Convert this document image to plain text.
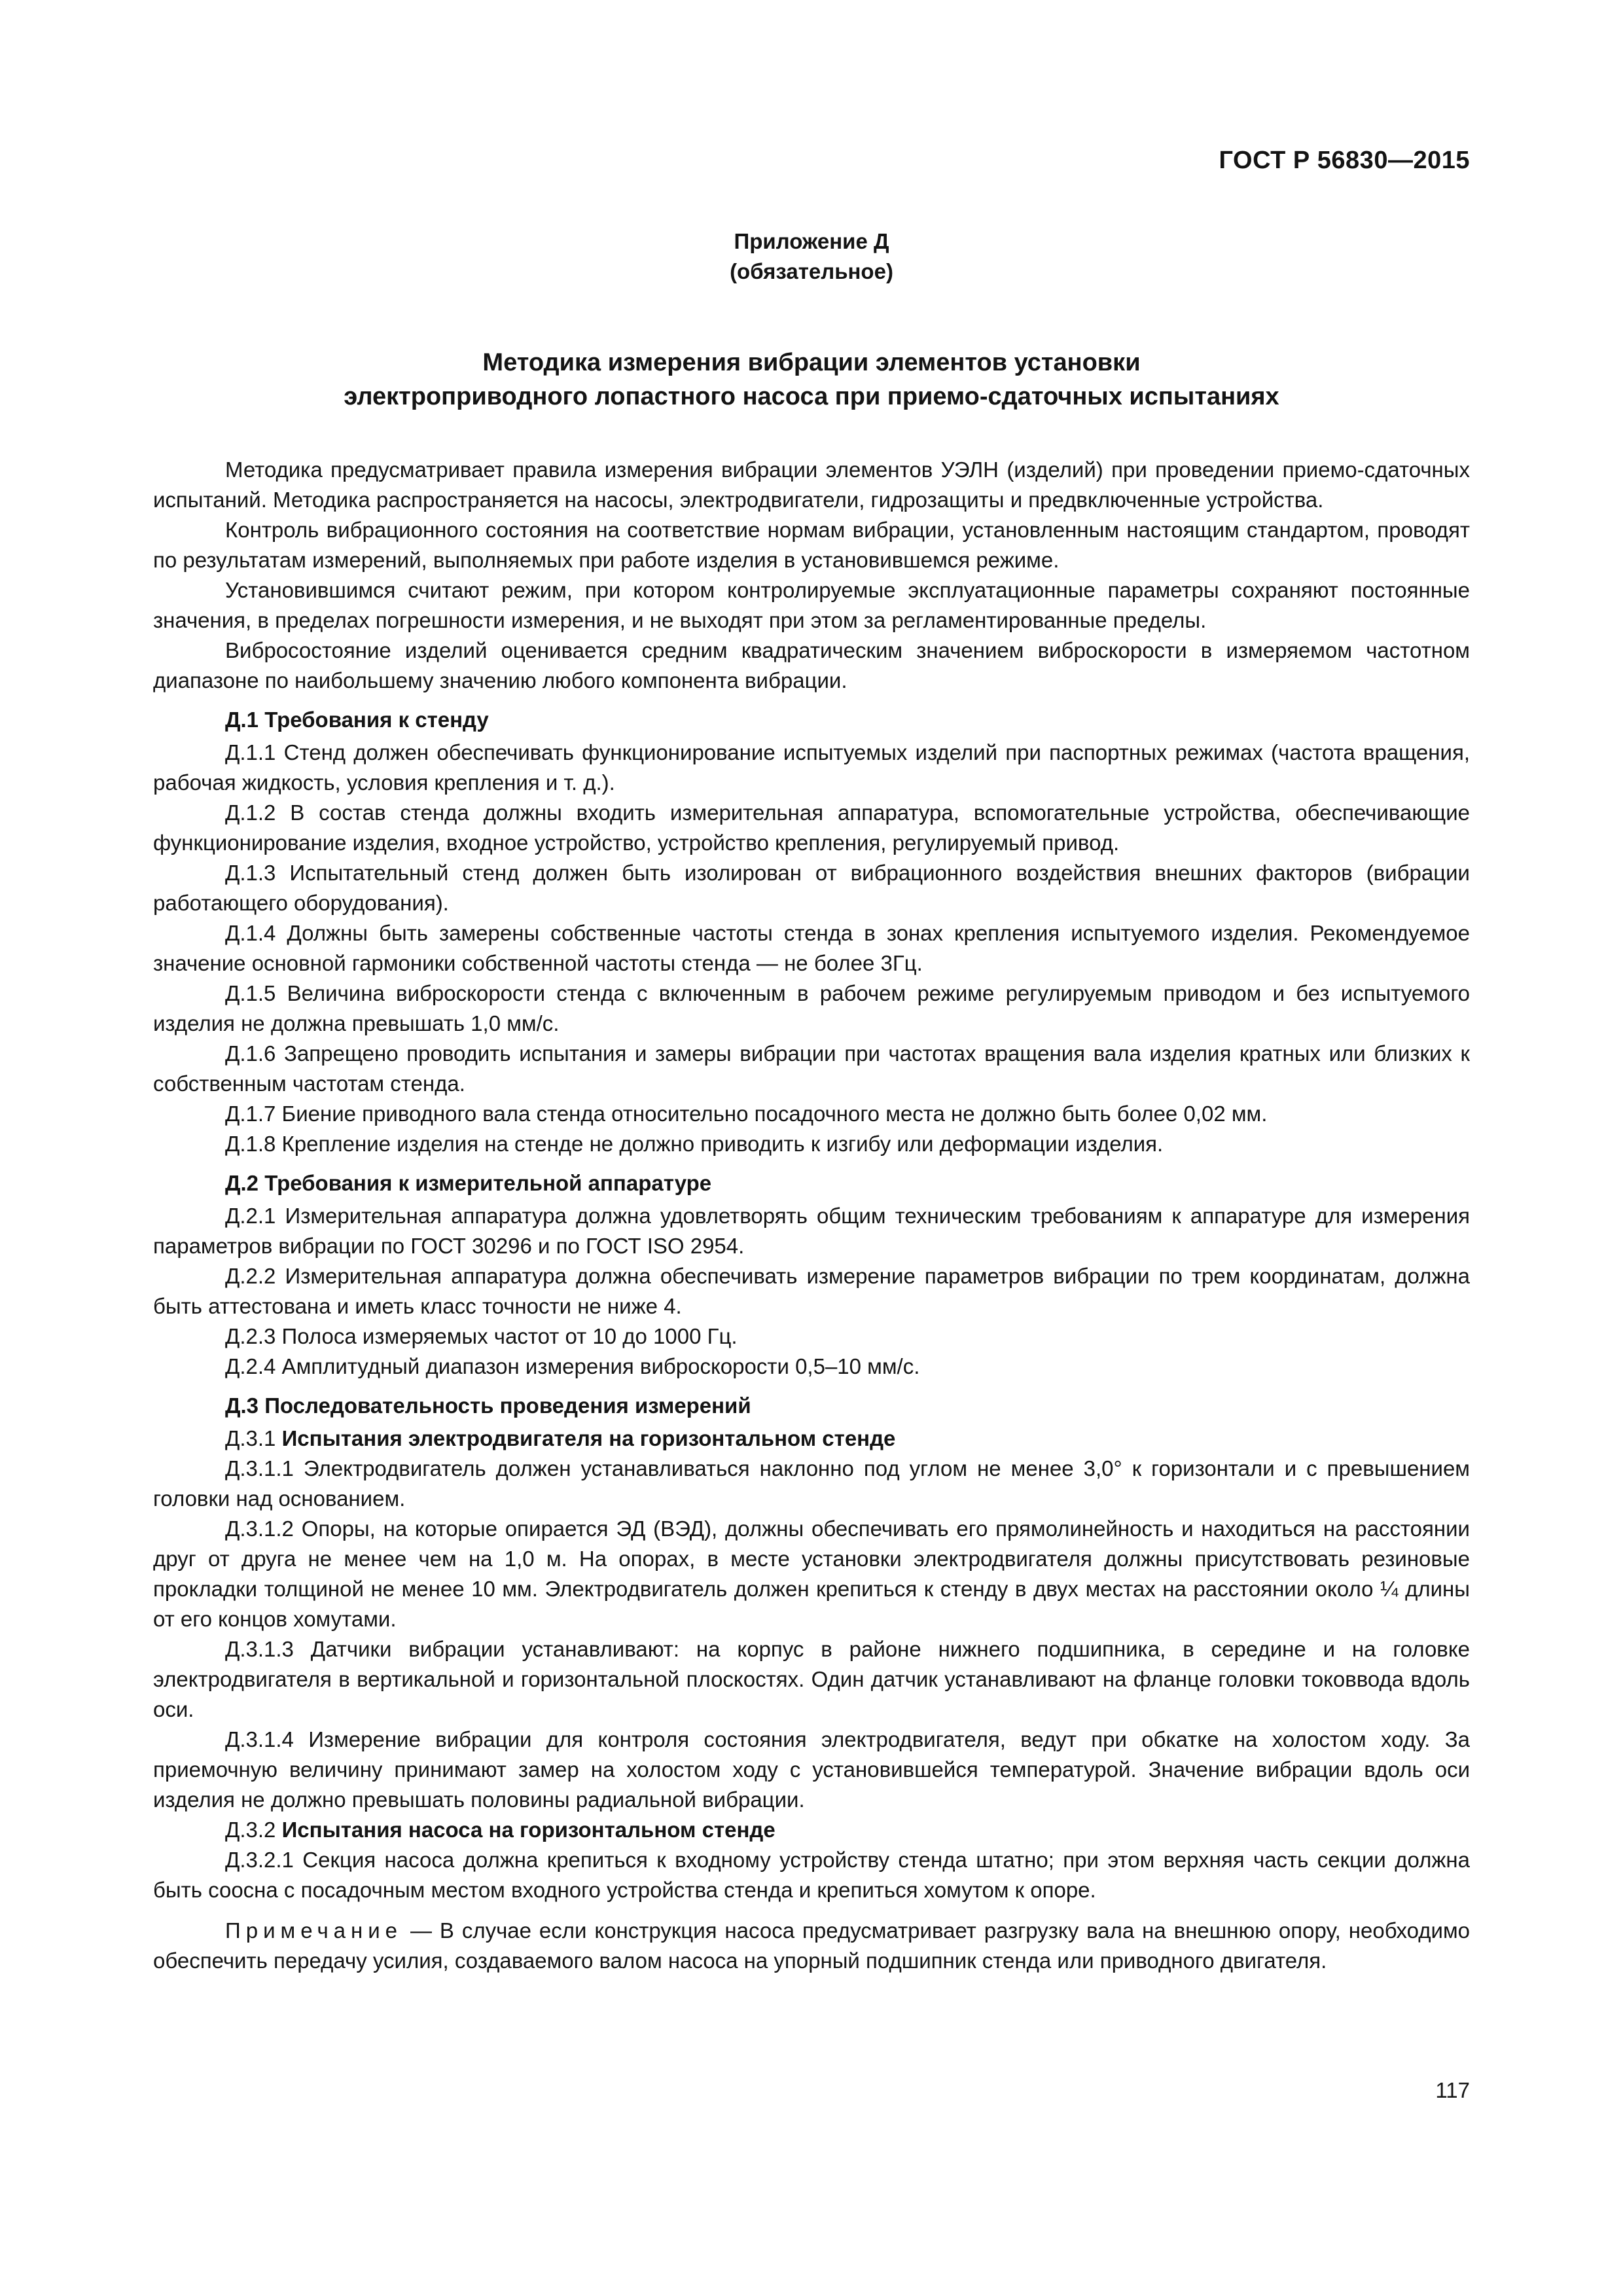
ГОСТ Р 56830—2015
Приложение Д
(обязательное)
Методика измерения вибрации элементов установки
электроприводного лопастного насоса при приемо-сдаточных испытаниях

Методика предусматривает правила измерения вибрации элементов УЭЛН (изделий) при проведении приемо-сдаточных испытаний. Методика распространяется на насосы, электродвигатели, гидрозащиты и предвключенные устройства.

Контроль вибрационного состояния на соответствие нормам вибрации, установленным настоящим стандартом, проводят по результатам измерений, выполняемых при работе изделия в установившемся режиме.

Установившимся считают режим, при котором контролируемые эксплуатационные параметры сохраняют постоянные значения, в пределах погрешности измерения, и не выходят при этом за регламентированные пределы.

Вибросостояние изделий оценивается средним квадратическим значением виброскорости в измеряемом частотном диапазоне по наибольшему значению любого компонента вибрации.

Д.1 Требования к стенду

Д.1.1 Стенд должен обеспечивать функционирование испытуемых изделий при паспортных режимах (частота вращения, рабочая жидкость, условия крепления и т. д.).

Д.1.2 В состав стенда должны входить измерительная аппаратура, вспомогательные устройства, обеспечивающие функционирование изделия, входное устройство, устройство крепления, регулируемый привод.

Д.1.3 Испытательный стенд должен быть изолирован от вибрационного воздействия внешних факторов (вибрации работающего оборудования).

Д.1.4 Должны быть замерены собственные частоты стенда в зонах крепления испытуемого изделия. Рекомендуемое значение основной гармоники собственной частоты стенда — не более 3Гц.

Д.1.5 Величина виброскорости стенда с включенным в рабочем режиме регулируемым приводом и без испытуемого изделия не должна превышать 1,0 мм/с.

Д.1.6 Запрещено проводить испытания и замеры вибрации при частотах вращения вала изделия кратных или близких к собственным частотам стенда.

Д.1.7 Биение приводного вала стенда относительно посадочного места не должно быть более 0,02 мм.

Д.1.8 Крепление изделия на стенде не должно приводить к изгибу или деформации изделия.

Д.2 Требования к измерительной аппаратуре

Д.2.1 Измерительная аппаратура должна удовлетворять общим техническим требованиям к аппаратуре для измерения параметров вибрации по ГОСТ 30296 и по ГОСТ ISO 2954.

Д.2.2 Измерительная аппаратура должна обеспечивать измерение параметров вибрации по трем координатам, должна быть аттестована и иметь класс точности не ниже 4.

Д.2.3 Полоса измеряемых частот от 10 до 1000 Гц.

Д.2.4 Амплитудный диапазон измерения виброскорости 0,5–10 мм/с.

Д.3 Последовательность проведения измерений

Д.3.1 Испытания электродвигателя на горизонтальном стенде

Д.3.1.1 Электродвигатель должен устанавливаться наклонно под углом не менее 3,0° к горизонтали и с превышением головки над основанием.

Д.3.1.2 Опоры, на которые опирается ЭД (ВЭД), должны обеспечивать его прямолинейность и находиться на расстоянии друг от друга не менее чем на 1,0 м. На опорах, в месте установки электродвигателя должны присутствовать резиновые прокладки толщиной не менее 10 мм. Электродвигатель должен крепиться к стенду в двух местах на расстоянии около ¼ длины от его концов хомутами.

Д.3.1.3 Датчики вибрации устанавливают: на корпус в районе нижнего подшипника, в середине и на головке электродвигателя в вертикальной и горизонтальной плоскостях. Один датчик устанавливают на фланце головки токоввода вдоль оси.

Д.3.1.4 Измерение вибрации для контроля состояния электродвигателя, ведут при обкатке на холостом ходу. За приемочную величину принимают замер на холостом ходу с установившейся температурой. Значение вибрации вдоль оси изделия не должно превышать половины радиальной вибрации.

Д.3.2 Испытания насоса на горизонтальном стенде

Д.3.2.1 Секция насоса должна крепиться к входному устройству стенда штатно; при этом верхняя часть секции должна быть соосна с посадочным местом входного устройства стенда и крепиться хомутом к опоре.

Примечание — В случае если конструкция насоса предусматривает разгрузку вала на внешнюю опору, необходимо обеспечить передачу усилия, создаваемого валом насоса на упорный подшипник стенда или приводного двигателя.

117
